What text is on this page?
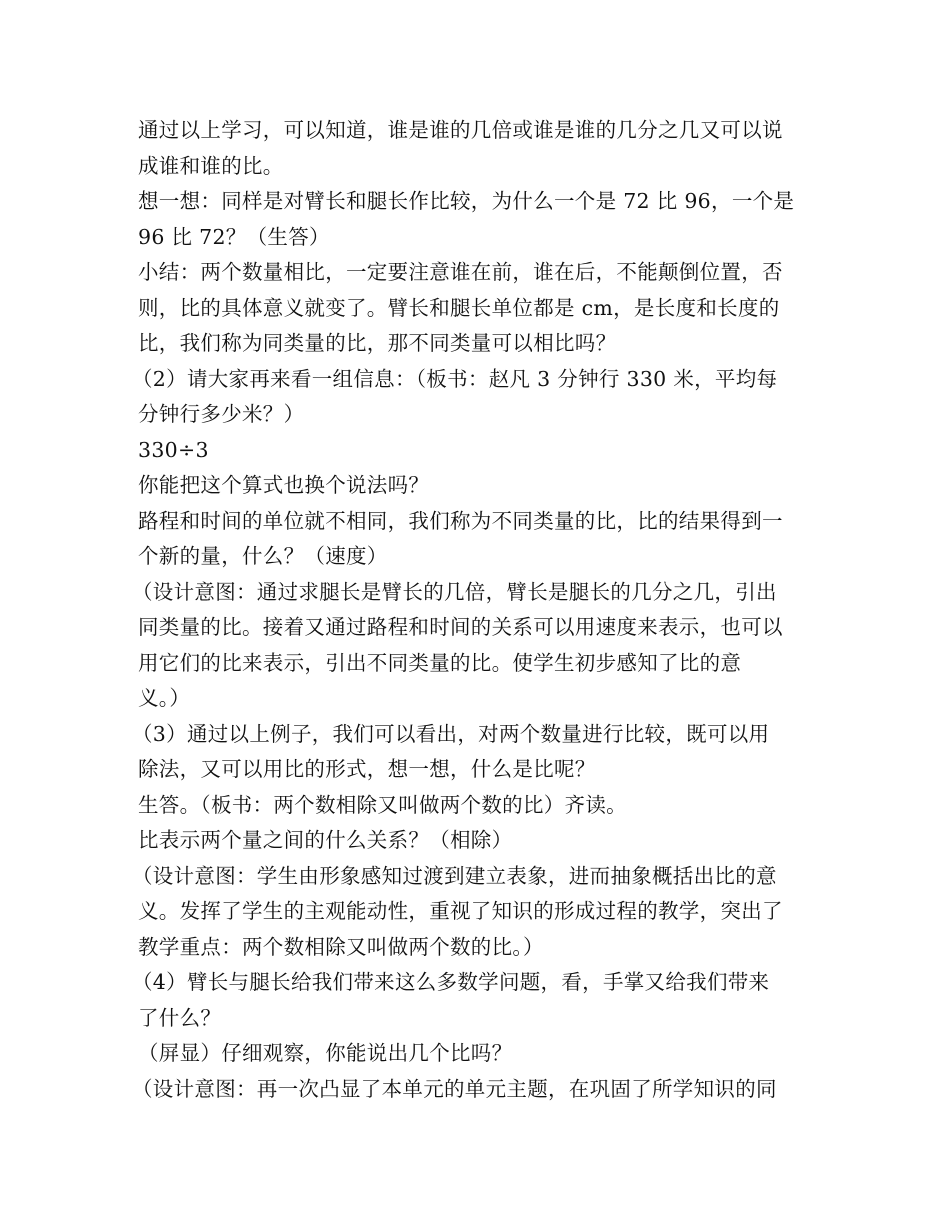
通过以上学习，可以知道，谁是谁的几倍或谁是谁的几分之几又可以说
成谁和谁的比。
想一想：同样是对臂长和腿长作比较，为什么一个是 72 比 96，一个是
96 比 72？（生答）
小结：两个数量相比，一定要注意谁在前，谁在后，不能颠倒位置，否
则，比的具体意义就变了。臂长和腿长单位都是 cm，是长度和长度的
比，我们称为同类量的比，那不同类量可以相比吗？
（2）请大家再来看一组信息：（板书：赵凡 3 分钟行 330 米，平均每
分钟行多少米？）
330÷3
你能把这个算式也换个说法吗？
路程和时间的单位就不相同，我们称为不同类量的比，比的结果得到一
个新的量，什么？（速度）
（设计意图：通过求腿长是臂长的几倍，臂长是腿长的几分之几，引出
同类量的比。接着又通过路程和时间的关系可以用速度来表示，也可以
用它们的比来表示，引出不同类量的比。使学生初步感知了比的意
义。）
（3）通过以上例子，我们可以看出，对两个数量进行比较，既可以用
除法，又可以用比的形式，想一想，什么是比呢？
生答。（板书：两个数相除又叫做两个数的比）齐读。
比表示两个量之间的什么关系？（相除）
（设计意图：学生由形象感知过渡到建立表象，进而抽象概括出比的意
义。发挥了学生的主观能动性，重视了知识的形成过程的教学，突出了
教学重点：两个数相除又叫做两个数的比。）
（4）臂长与腿长给我们带来这么多数学问题，看，手掌又给我们带来
了什么？
（屏显）仔细观察，你能说出几个比吗？
（设计意图：再一次凸显了本单元的单元主题，在巩固了所学知识的同
